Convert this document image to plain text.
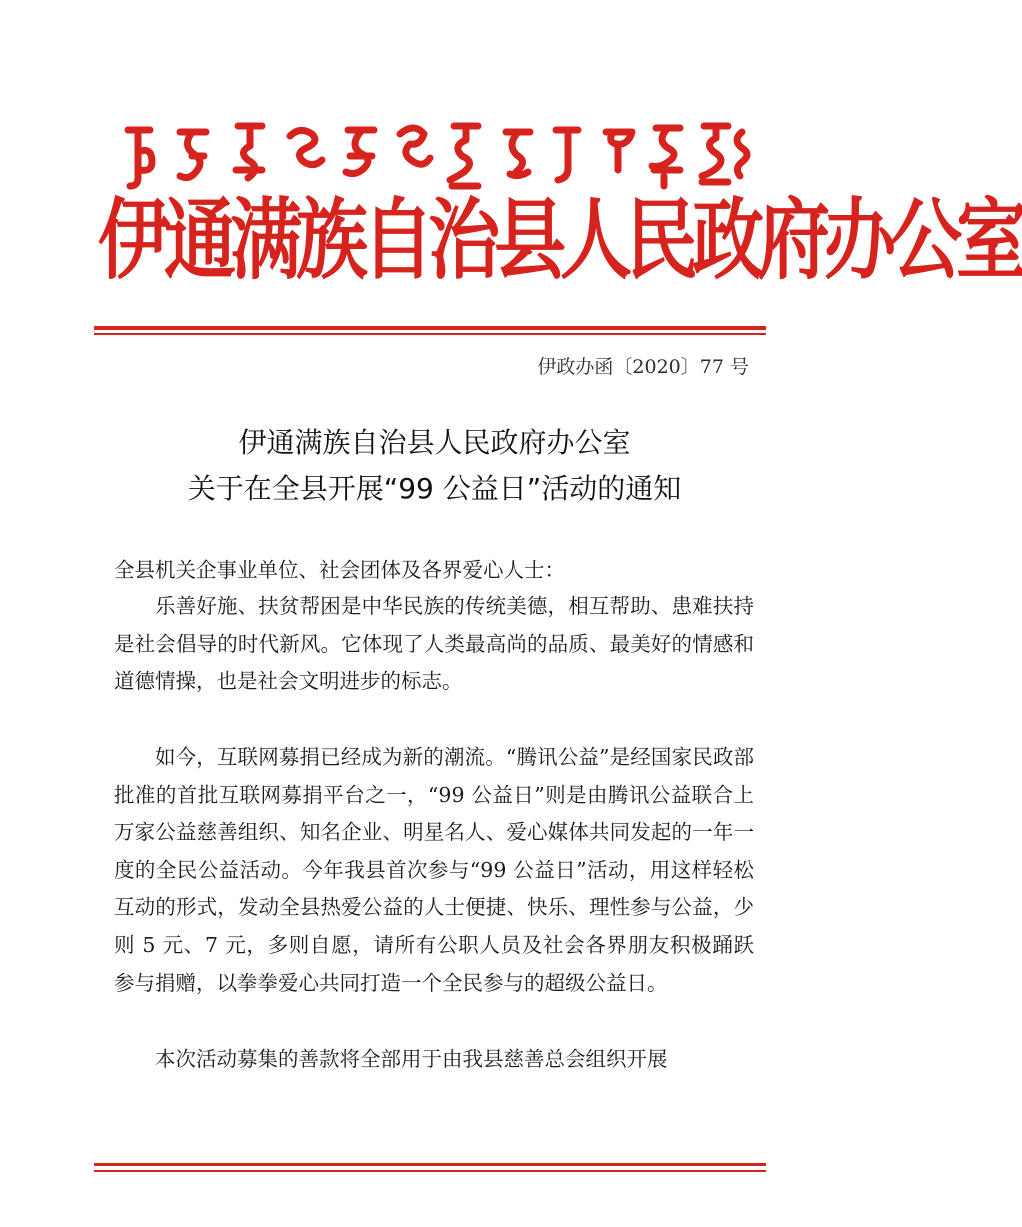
伊通满族自治县人民政府办公室
伊政办函〔2020〕77 号
伊通满族自治县人民政府办公室
关于在全县开展“99 公益日”活动的通知
全县机关企事业单位、社会团体及各界爱心人士：

乐善好施、扶贫帮困是中华民族的传统美德，相互帮助、患难扶持是社会倡导的时代新风。它体现了人类最高尚的品质、最美好的情感和道德情操，也是社会文明进步的标志。

如今，互联网募捐已经成为新的潮流。“腾讯公益”是经国家民政部批准的首批互联网募捐平台之一，“99 公益日”则是由腾讯公益联合上万家公益慈善组织、知名企业、明星名人、爱心媒体共同发起的一年一度的全民公益活动。今年我县首次参与“99 公益日”活动，用这样轻松互动的形式，发动全县热爱公益的人士便捷、快乐、理性参与公益，少则 5 元、7 元，多则自愿，请所有公职人员及社会各界朋友积极踊跃参与捐赠，以拳拳爱心共同打造一个全民参与的超级公益日。

本次活动募集的善款将全部用于由我县慈善总会组织开展
